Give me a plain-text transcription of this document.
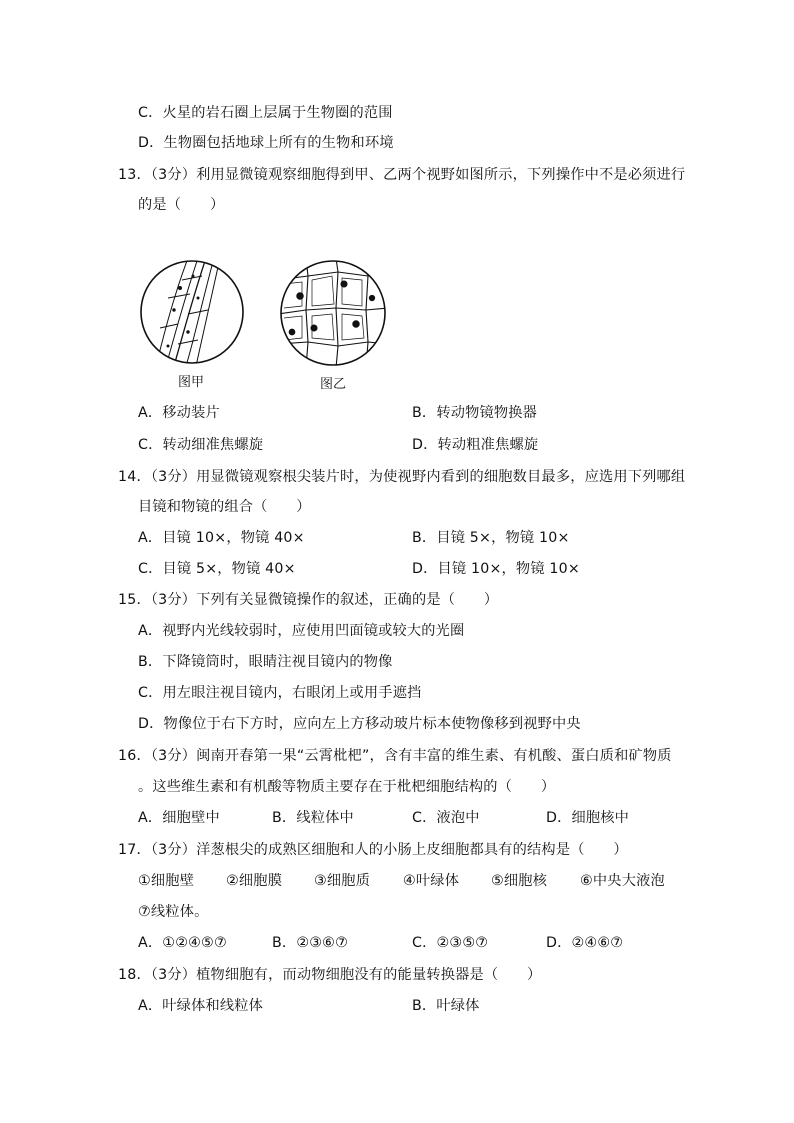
C．火星的岩石圈上层属于生物圈的范围
D．生物圈包括地球上所有的生物和环境
13．（3分）利用显微镜观察细胞得到甲、乙两个视野如图所示，下列操作中不是必须进行
的是（　　）
图甲	图乙
A．移动装片	B．转动物镜物换器
C．转动细准焦螺旋	D．转动粗准焦螺旋
14．（3分）用显微镜观察根尖装片时，为使视野内看到的细胞数目最多，应选用下列哪组
目镜和物镜的组合（　　）
A．目镜 10×，物镜 40×	B．目镜 5×，物镜 10×
C．目镜 5×，物镜 40×	D．目镜 10×，物镜 10×
15．（3分）下列有关显微镜操作的叙述，正确的是（　　）
A．视野内光线较弱时，应使用凹面镜或较大的光圈
B．下降镜筒时，眼睛注视目镜内的物像
C．用左眼注视目镜内，右眼闭上或用手遮挡
D．物像位于右下方时，应向左上方移动玻片标本使物像移到视野中央
16．（3分）闽南开春第一果“云霄枇杷”，含有丰富的维生素、有机酸、蛋白质和矿物质
。这些维生素和有机酸等物质主要存在于枇杷细胞结构的（　　）
A．细胞壁中	B．线粒体中	C．液泡中	D．细胞核中
17．（3分）洋葱根尖的成熟区细胞和人的小肠上皮细胞都具有的结构是（　　）
①细胞壁 ②细胞膜 ③细胞质 ④叶绿体 ⑤细胞核 ⑥中央大液泡
⑦线粒体。
A．①②④⑤⑦	B．②③⑥⑦	C．②③⑤⑦	D．②④⑥⑦
18．（3分）植物细胞有，而动物细胞没有的能量转换器是（　　）
A．叶绿体和线粒体	B．叶绿体
